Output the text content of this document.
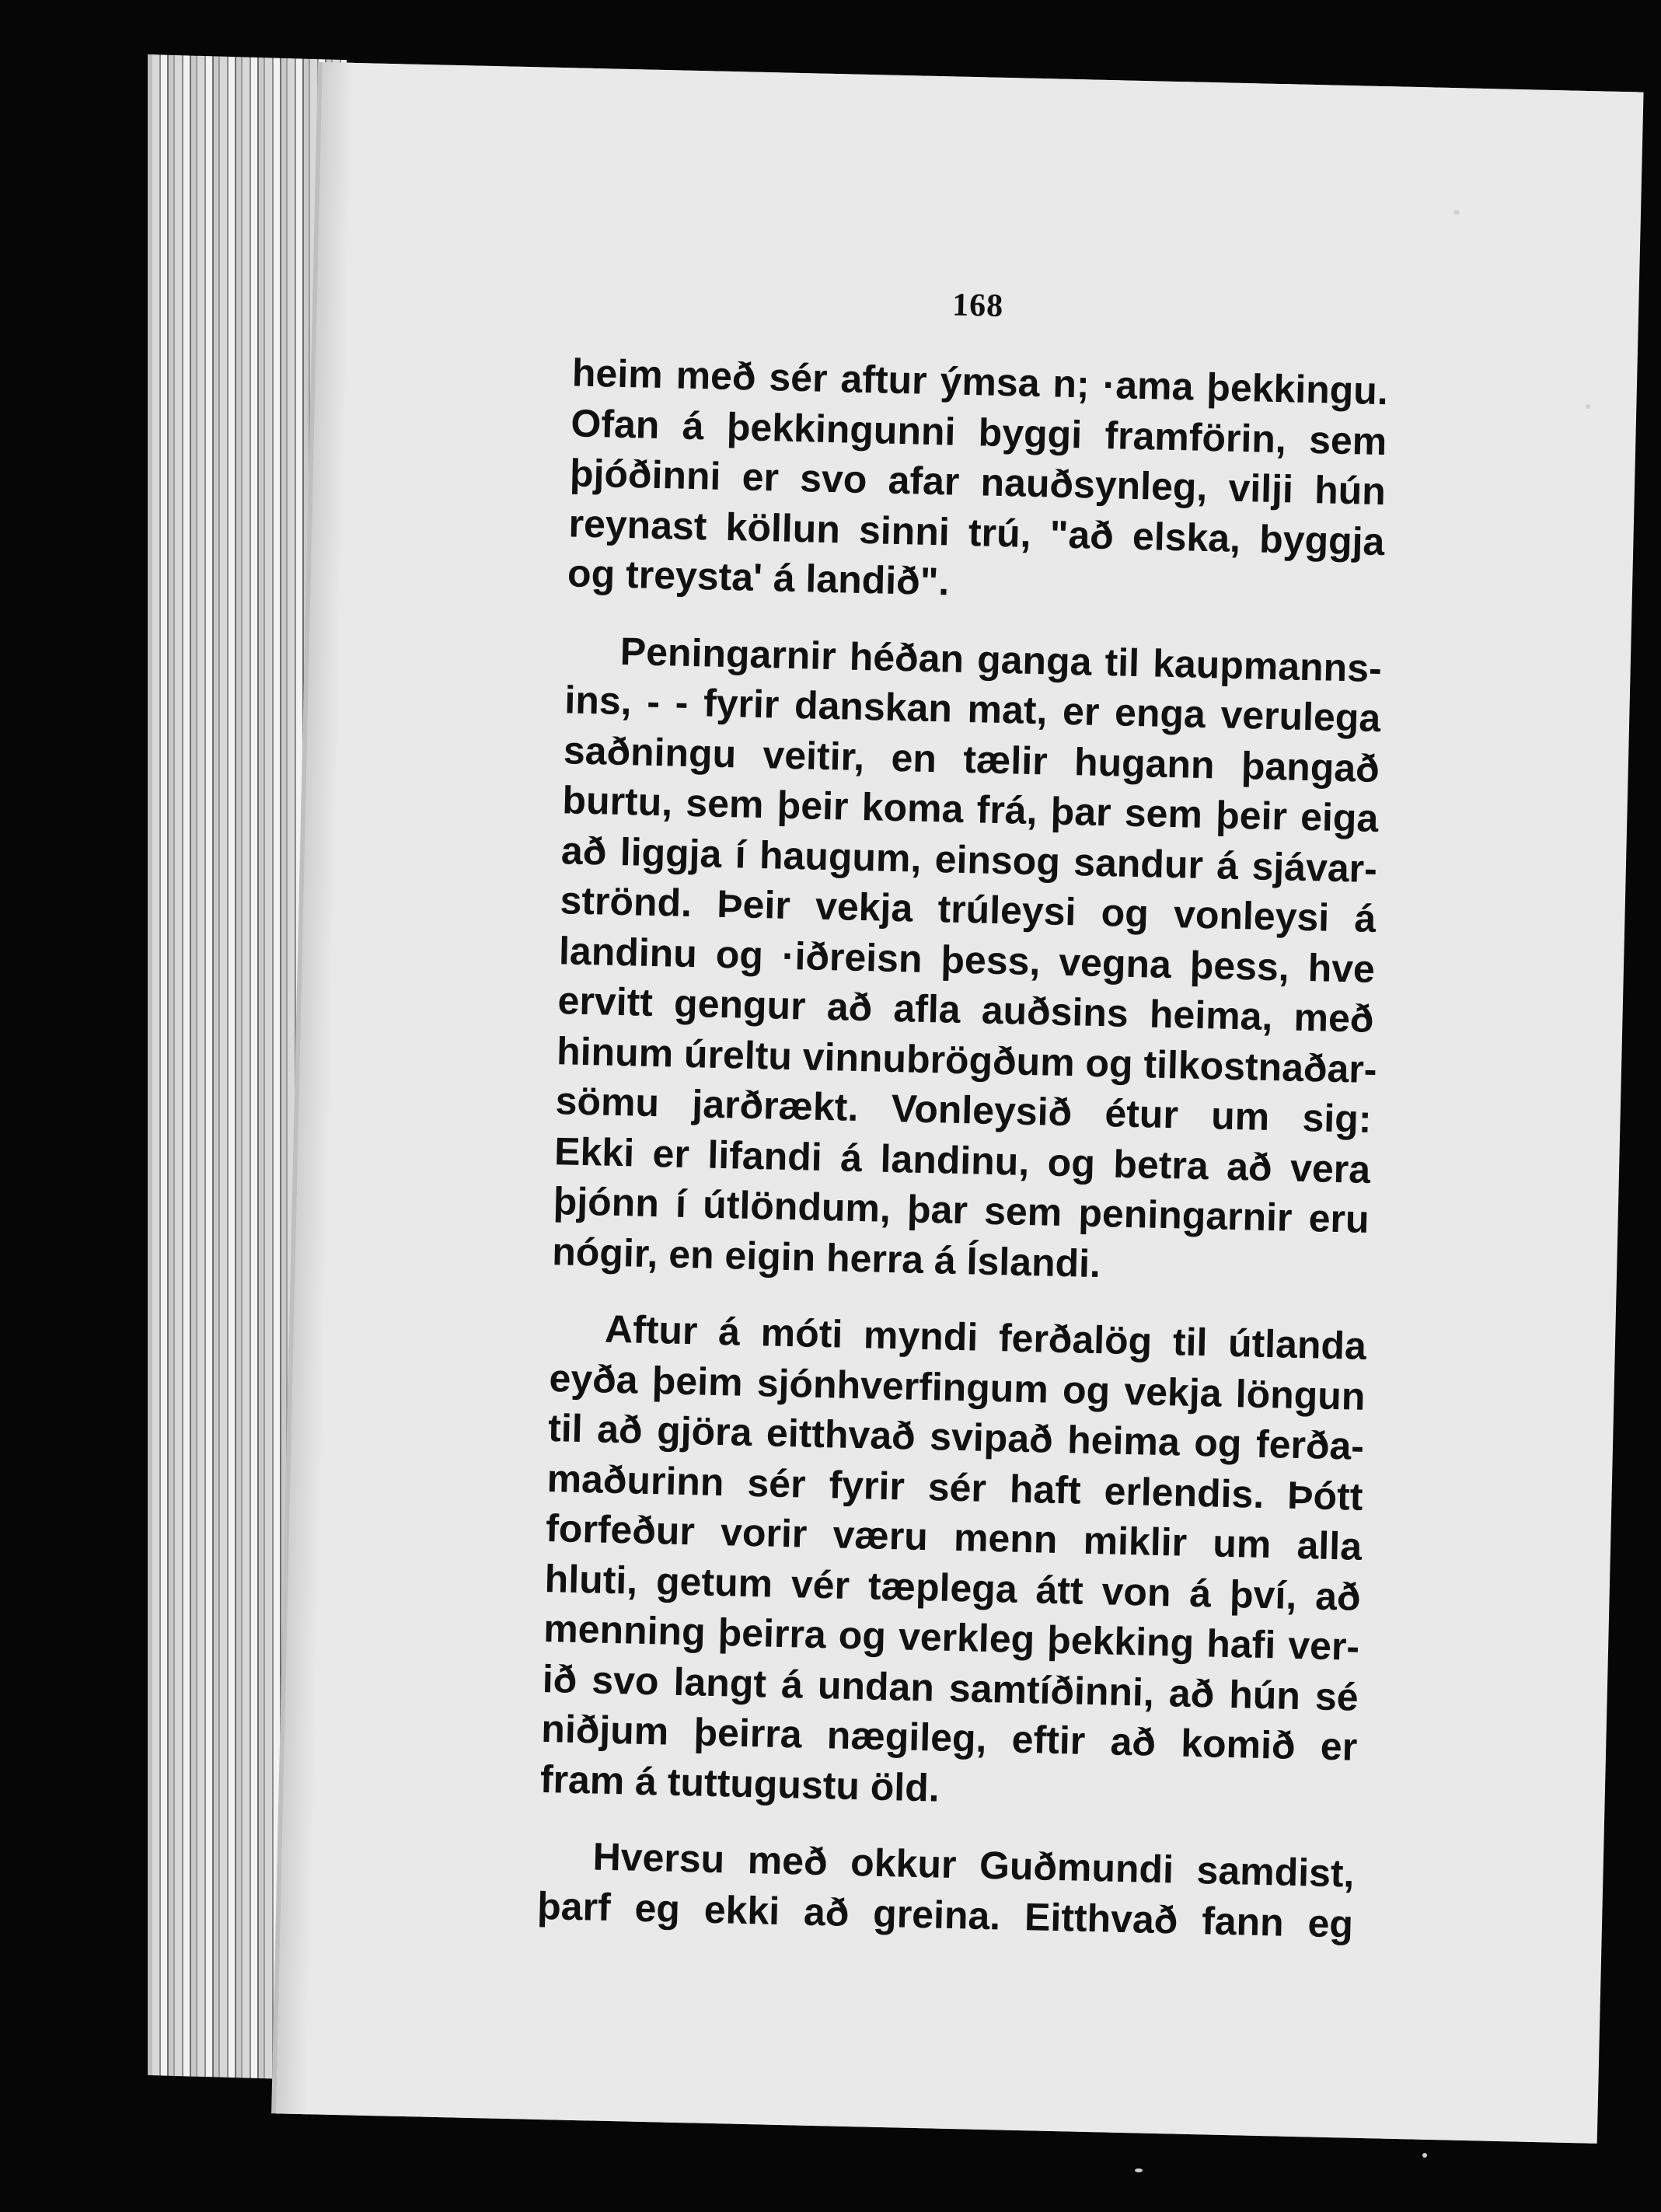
168

heim með sér aftur ýmsa n; ·ama þekkingu.
Ofan á þekkingunni byggi framförin, sem
þjóðinni er svo afar nauðsynleg, vilji hún
reynast köllun sinni trú, "að elska, byggja
og treysta' á landið".

Peningarnir héðan ganga til kaupmanns-
ins, - - fyrir danskan mat, er enga verulega
saðningu veitir, en tælir hugann þangað
burtu, sem þeir koma frá, þar sem þeir eiga
að liggja í haugum, einsog sandur á sjávar-
strönd. Þeir vekja trúleysi og vonleysi á
landinu og ·iðreisn þess, vegna þess, hve
ervitt gengur að afla auðsins heima, með
hinum úreltu vinnubrögðum og tilkostnaðar-
sömu jarðrækt. Vonleysið étur um sig:
Ekki er lifandi á landinu, og betra að vera
þjónn í útlöndum, þar sem peningarnir eru
nógir, en eigin herra á Íslandi.

Aftur á móti myndi ferðalög til útlanda
eyða þeim sjónhverfingum og vekja löngun
til að gjöra eitthvað svipað heima og ferða-
maðurinn sér fyrir sér haft erlendis. Þótt
forfeður vorir væru menn miklir um alla
hluti, getum vér tæplega átt von á því, að
menning þeirra og verkleg þekking hafi ver-
ið svo langt á undan samtíðinni, að hún sé
niðjum þeirra nægileg, eftir að komið er
fram á tuttugustu öld.

Hversu með okkur Guðmundi samdist,
þarf eg ekki að greina. Eitthvað fann eg
